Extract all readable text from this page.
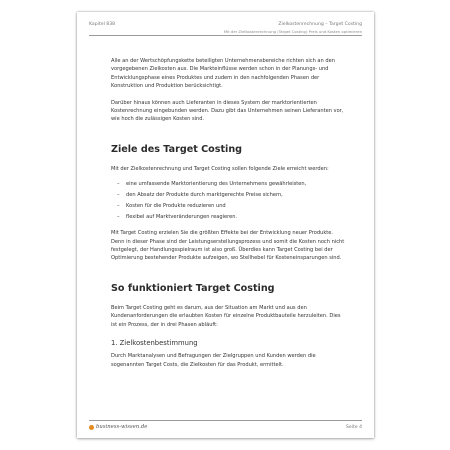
Kapitel 838	Zielkostenrechnung – Target Costing
Mit der Zielkostenrechnung (Target Costing) Preis und Kosten optimieren

Alle an der Wertschöpfungskette beteiligten Unternehmensbereiche richten sich an den vorgegebenen Zielkosten aus. Die Markteinflüsse werden schon in der Planungs- und Entwicklungsphase eines Produktes und zudem in den nachfolgenden Phasen der Konstruktion und Produktion berücksichtigt.

Darüber hinaus können auch Lieferanten in dieses System der marktorientierten Kostenrechnung eingebunden werden. Dazu gibt das Unternehmen seinen Lieferanten vor, wie hoch die zulässigen Kosten sind.

Ziele des Target Costing

Mit der Zielkostenrechnung und Target Costing sollen folgende Ziele erreicht werden:

– eine umfassende Marktorientierung des Unternehmens gewährleisten,
– den Absatz der Produkte durch marktgerechte Preise sichern,
– Kosten für die Produkte reduzieren und
– flexibel auf Marktveränderungen reagieren.

Mit Target Costing erzielen Sie die größten Effekte bei der Entwicklung neuer Produkte. Denn in dieser Phase sind der Leistungserstellungsprozess und somit die Kosten noch nicht festgelegt, der Handlungsspielraum ist also groß. Überdies kann Target Costing bei der Optimierung bestehender Produkte aufzeigen, wo Stellhebel für Kosteneinsparungen sind.

So funktioniert Target Costing

Beim Target Costing geht es darum, aus der Situation am Markt und aus den Kundenanforderungen die erlaubten Kosten für einzelne Produktbauteile herzuleiten. Dies ist ein Prozess, der in drei Phasen abläuft:

1. Zielkostenbestimmung

Durch Marktanalysen und Befragungen der Zielgruppen und Kunden werden die sogenannten Target Costs, die Zielkosten für das Produkt, ermittelt.

business-wissen.de	Seite 4
